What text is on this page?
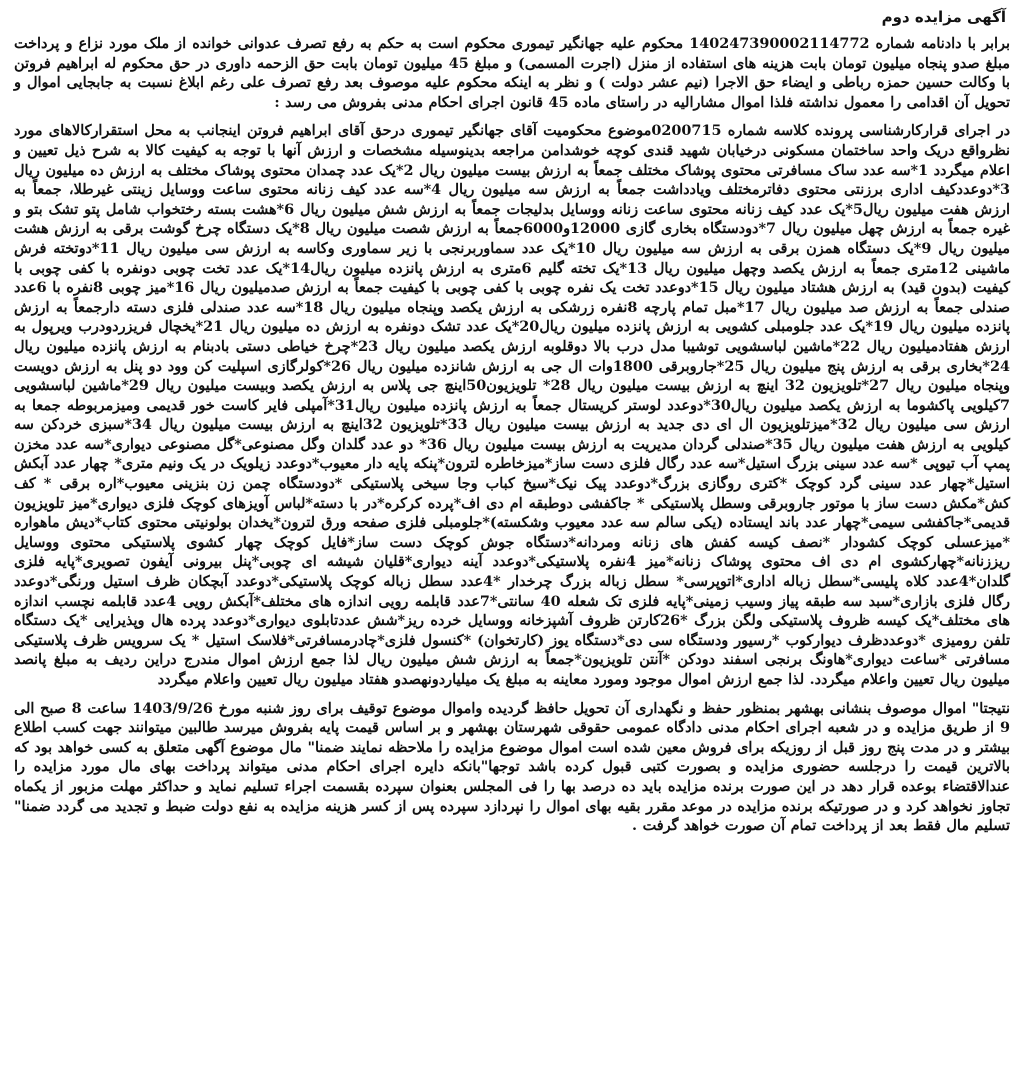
آگهی مزایده دوم

برابر با دادنامه شماره 140247390002114772 محکوم علیه جهانگیر تیموری محکوم است به حکم به رفع تصرف عدوانی خوانده از ملک مورد نزاع و پرداخت مبلغ صدو پنجاه میلیون تومان بابت هزینه های استفاده از منزل (اجرت المسمی) و مبلغ 45 میلیون تومان بابت حق الزحمه داوری در حق محکوم له ابراهیم فروتن با وکالت حسین حمزه رباطی و ایضاء حق الاجرا (نیم عشر دولت ) و نظر به اینکه محکوم علیه موصوف بعد رفع تصرف علی رغم ابلاغ نسبت به جابجایی اموال و تحویل آن اقدامی را معمول نداشته فلذا اموال مشارالیه در راستای ماده 45 قانون اجرای احکام مدنی بفروش می رسد :

در اجرای قرارکارشناسی پرونده کلاسه شماره 0200715موضوع محکومیت آقای جهانگیر تیموری درحق آقای ابراهیم فروتن اینجانب به محل استقرارکالاهای مورد نظرواقع دریک واحد ساختمان مسکونی درخیابان شهید قندی کوچه خوشدامن مراجعه بدینوسیله مشخصات و ارزش آنها با توجه به کیفیت کالا به شرح ذیل تعیین و اعلام میگردد 1*سه عدد ساک مسافرتی محتوی پوشاک مختلف جمعاً به ارزش بیست میلیون ریال 2*یک عدد چمدان محتوی پوشاک مختلف به ارزش ده میلیون ریال 3*دوعددکیف اداری برزنتی محتوی دفاترمختلف ویادداشت جمعاً به ارزش سه میلیون ریال 4*سه عدد کیف زنانه محتوی ساعت ووسایل زینتی غیرطلا، جمعاً به ارزش هفت میلیون ریال5*یک عدد کیف زنانه محتوی ساعت زنانه ووسایل بدلیجات جمعاً به ارزش شش میلیون ریال 6*هشت بسته رختخواب شامل پتو تشک بتو و غیره جمعاً به ارزش چهل میلیون ریال 7*دودستگاه بخاری گازی 12000و6000جمعاً به ارزش شصت میلیون ریال 8*یک دستگاه چرخ گوشت برقی به ارزش هشت میلیون ریال 9*یک دستگاه همزن برقی به ارزش سه میلیون ریال 10*یک عدد سماوربرنجی با زیر سماوری وکاسه به ارزش سی میلیون ریال 11*دوتخته فرش ماشینی 12متری جمعاً به ارزش یکصد وچهل میلیون ریال 13*یک تخته گلیم 6متری به ارزش پانزده میلیون ریال14*یک عدد تخت چوبی دونفره با کفی چوبی با کیفیت (بدون قید) به ارزش هشتاد میلیون ریال 15*دوعدد تخت یک نفره چوبی با کفی چوبی با کیفیت جمعاً به ارزش صدمیلیون ریال 16*میز چوبی 8نفره با 6عدد صندلی جمعاً به ارزش صد میلیون ریال 17*مبل تمام پارچه 8نفره زرشکی به ارزش یکصد وپنجاه میلیون ریال 18*سه عدد صندلی فلزی دسته دارجمعاً به ارزش پانزده میلیون ریال 19*یک عدد جلومبلی کشویی به ارزش پانزده میلیون ریال20*یک عدد تشک دونفره به ارزش ده میلیون ریال 21*یخچال فریزردودرب ویرپول به ارزش هفتادمیلیون ریال 22*ماشین لباسشویی توشیبا مدل درب بالا دوقلوبه ارزش یکصد میلیون ریال 23*چرخ خیاطی دستی بادبنام به ارزش پانزده میلیون ریال 24*بخاری برقی به ارزش پنج میلیون ریال 25*جاروبرقی 1800وات ال جی به ارزش شانزده میلیون ریال 26*کولرگازی اسپلیت کن وود دو پنل به ارزش دویست وپنجاه میلیون ریال 27*تلویزیون 32 اینچ به ارزش بیست میلیون ریال 28* تلویزیون50اینچ جی پلاس به ارزش یکصد وبیست میلیون ریال 29*ماشین لباسشویی 7کیلویی پاکشوما به ارزش یکصد میلیون ریال30*دوعدد لوستر کریستال جمعاً به ارزش پانزده میلیون ریال31*آمپلی فایر کاست خور قدیمی ومیزمربوطه جمعا به ارزش سی میلیون ریال 32*میزتلویزیون ال ای دی جدید به ارزش بیست میلیون ریال 33*تلویزیون 32اینچ به ارزش بیست میلیون ریال 34*سبزی خردکن سه کیلویی به ارزش هفت میلیون ریال 35*صندلی گردان مدیریت به ارزش بیست میلیون ریال 36* دو عدد گلدان وگل مصنوعی*گل مصنوعی دیواری*سه عدد مخزن پمپ آب تیوپی *سه عدد سینی بزرگ استیل*سه عدد رگال فلزی دست ساز*میزخاطره لترون*پنکه پایه دار معیوب*دوعدد زیلویک در یک ونیم متری* چهار عدد آبکش استیل*چهار عدد سینی گرد کوچک *کتری روگازی بزرگ*دوعدد پیک نیک*سیخ کباب وجا سیخی پلاستیکی *دودستگاه چمن زن بنزینی معیوب*اره برقی * کف کش*مکش دست ساز با موتور جاروبرقی وسطل پلاستیکی * جاکفشی دوطبقه ام دی اف*پرده کرکره*در با دسته*لباس آویزهای کوچک فلزی دیواری*میز تلویزیون قدیمی*جاکفشی سیمی*چهار عدد باند ایستاده (یکی سالم سه عدد معیوب وشکسته)*جلومبلی فلزی صفحه ورق لترون*یخدان بولونیتی محتوی کتاب*دیش ماهواره *میزعسلی کوچک کشودار *نصف کیسه کفش های زنانه ومردانه*دستگاه جوش کوچک دست ساز*فایل کوچک چهار کشوی پلاستیکی محتوی ووسایل ریززنانه*چهارکشوی ام دی اف محتوی پوشاک زنانه*میز 4نفره پلاستیکی*دوعدد آینه دیواری*قلیان شیشه ای چوبی*پنل بیرونی آیفون تصویری*پایه فلزی گلدان*4عدد کلاه پلیسی*سطل زباله اداری*اتوپرسی* سطل زباله بزرگ چرخدار *4عدد سطل زباله کوچک پلاستیکی*دوعدد آبچکان ظرف استیل ورنگی*دوعدد رگال فلزی بازاری*سبد سه طبقه پیاز وسیب زمینی*پایه فلزی تک شعله 40 سانتی*7عدد قابلمه رویی اندازه های مختلف*آبکش رویی 4عدد قابلمه نچسب اندازه های مختلف*یک کیسه ظروف پلاستیکی ولگن بزرگ *26کارتن ظروف آشپزخانه ووسایل خرده ریز*شش عددتابلوی دیواری*دوعدد پرده هال وپذیرایی *یک دستگاه تلفن رومیزی *دوعددظرف دیوارکوب *رسیور ودستگاه سی دی*دستگاه یوز (کارتخوان) *کنسول فلزی*چادرمسافرتی*فلاسک استیل * یک سرویس ظرف پلاستیکی مسافرتی *ساعت دیواری*هاونگ برنجی اسفند دودکن *آنتن تلویزیون*جمعاً به ارزش شش میلیون ریال لذا جمع ارزش اموال مندرج دراین ردیف به مبلغ پانصد میلیون ریال تعیین واعلام میگردد. لذا جمع ارزش اموال موجود ومورد معاینه به مبلغ یک میلیاردونهصدو هفتاد میلیون ریال تعیین واعلام میگردد

نتیجتا" اموال موصوف بنشانی بهشهر بمنظور حفظ و نگهداری آن تحویل حافظ گردیده واموال موضوع توقیف برای روز شنبه مورخ 1403/9/26 ساعت 8 صبح الی 9 از طریق مزایده و در شعبه اجرای احکام مدنی دادگاه عمومی حقوقی شهرستان بهشهر و بر اساس قیمت پایه بفروش میرسد طالبین میتوانند جهت کسب اطلاع بیشتر و در مدت پنج روز قبل از روزیکه برای فروش معین شده است اموال موضوع مزایده را ملاحظه نمایند ضمنا" مال موضوع آگهی متعلق به کسی خواهد بود که بالاترین قیمت را درجلسه حضوری مزایده و بصورت کتبی قبول کرده باشد توجها"بانکه دایره اجرای احکام مدنی میتواند پرداخت بهای مال مورد مزایده را عندالاقتضاء بوعده قرار دهد در این صورت برنده مزایده باید ده درصد بها را فی المجلس بعنوان سپرده بقسمت اجراء تسلیم نماید و حداکثر مهلت مزبور از یکماه تجاوز نخواهد کرد و در صورتیکه برنده مزایده در موعد مقرر بقیه بهای اموال را نپردازد سپرده پس از کسر هزینه مزایده به نفع دولت ضبط و تجدید می گردد ضمنا" تسلیم مال فقط بعد از پرداخت تمام آن صورت خواهد گرفت .
